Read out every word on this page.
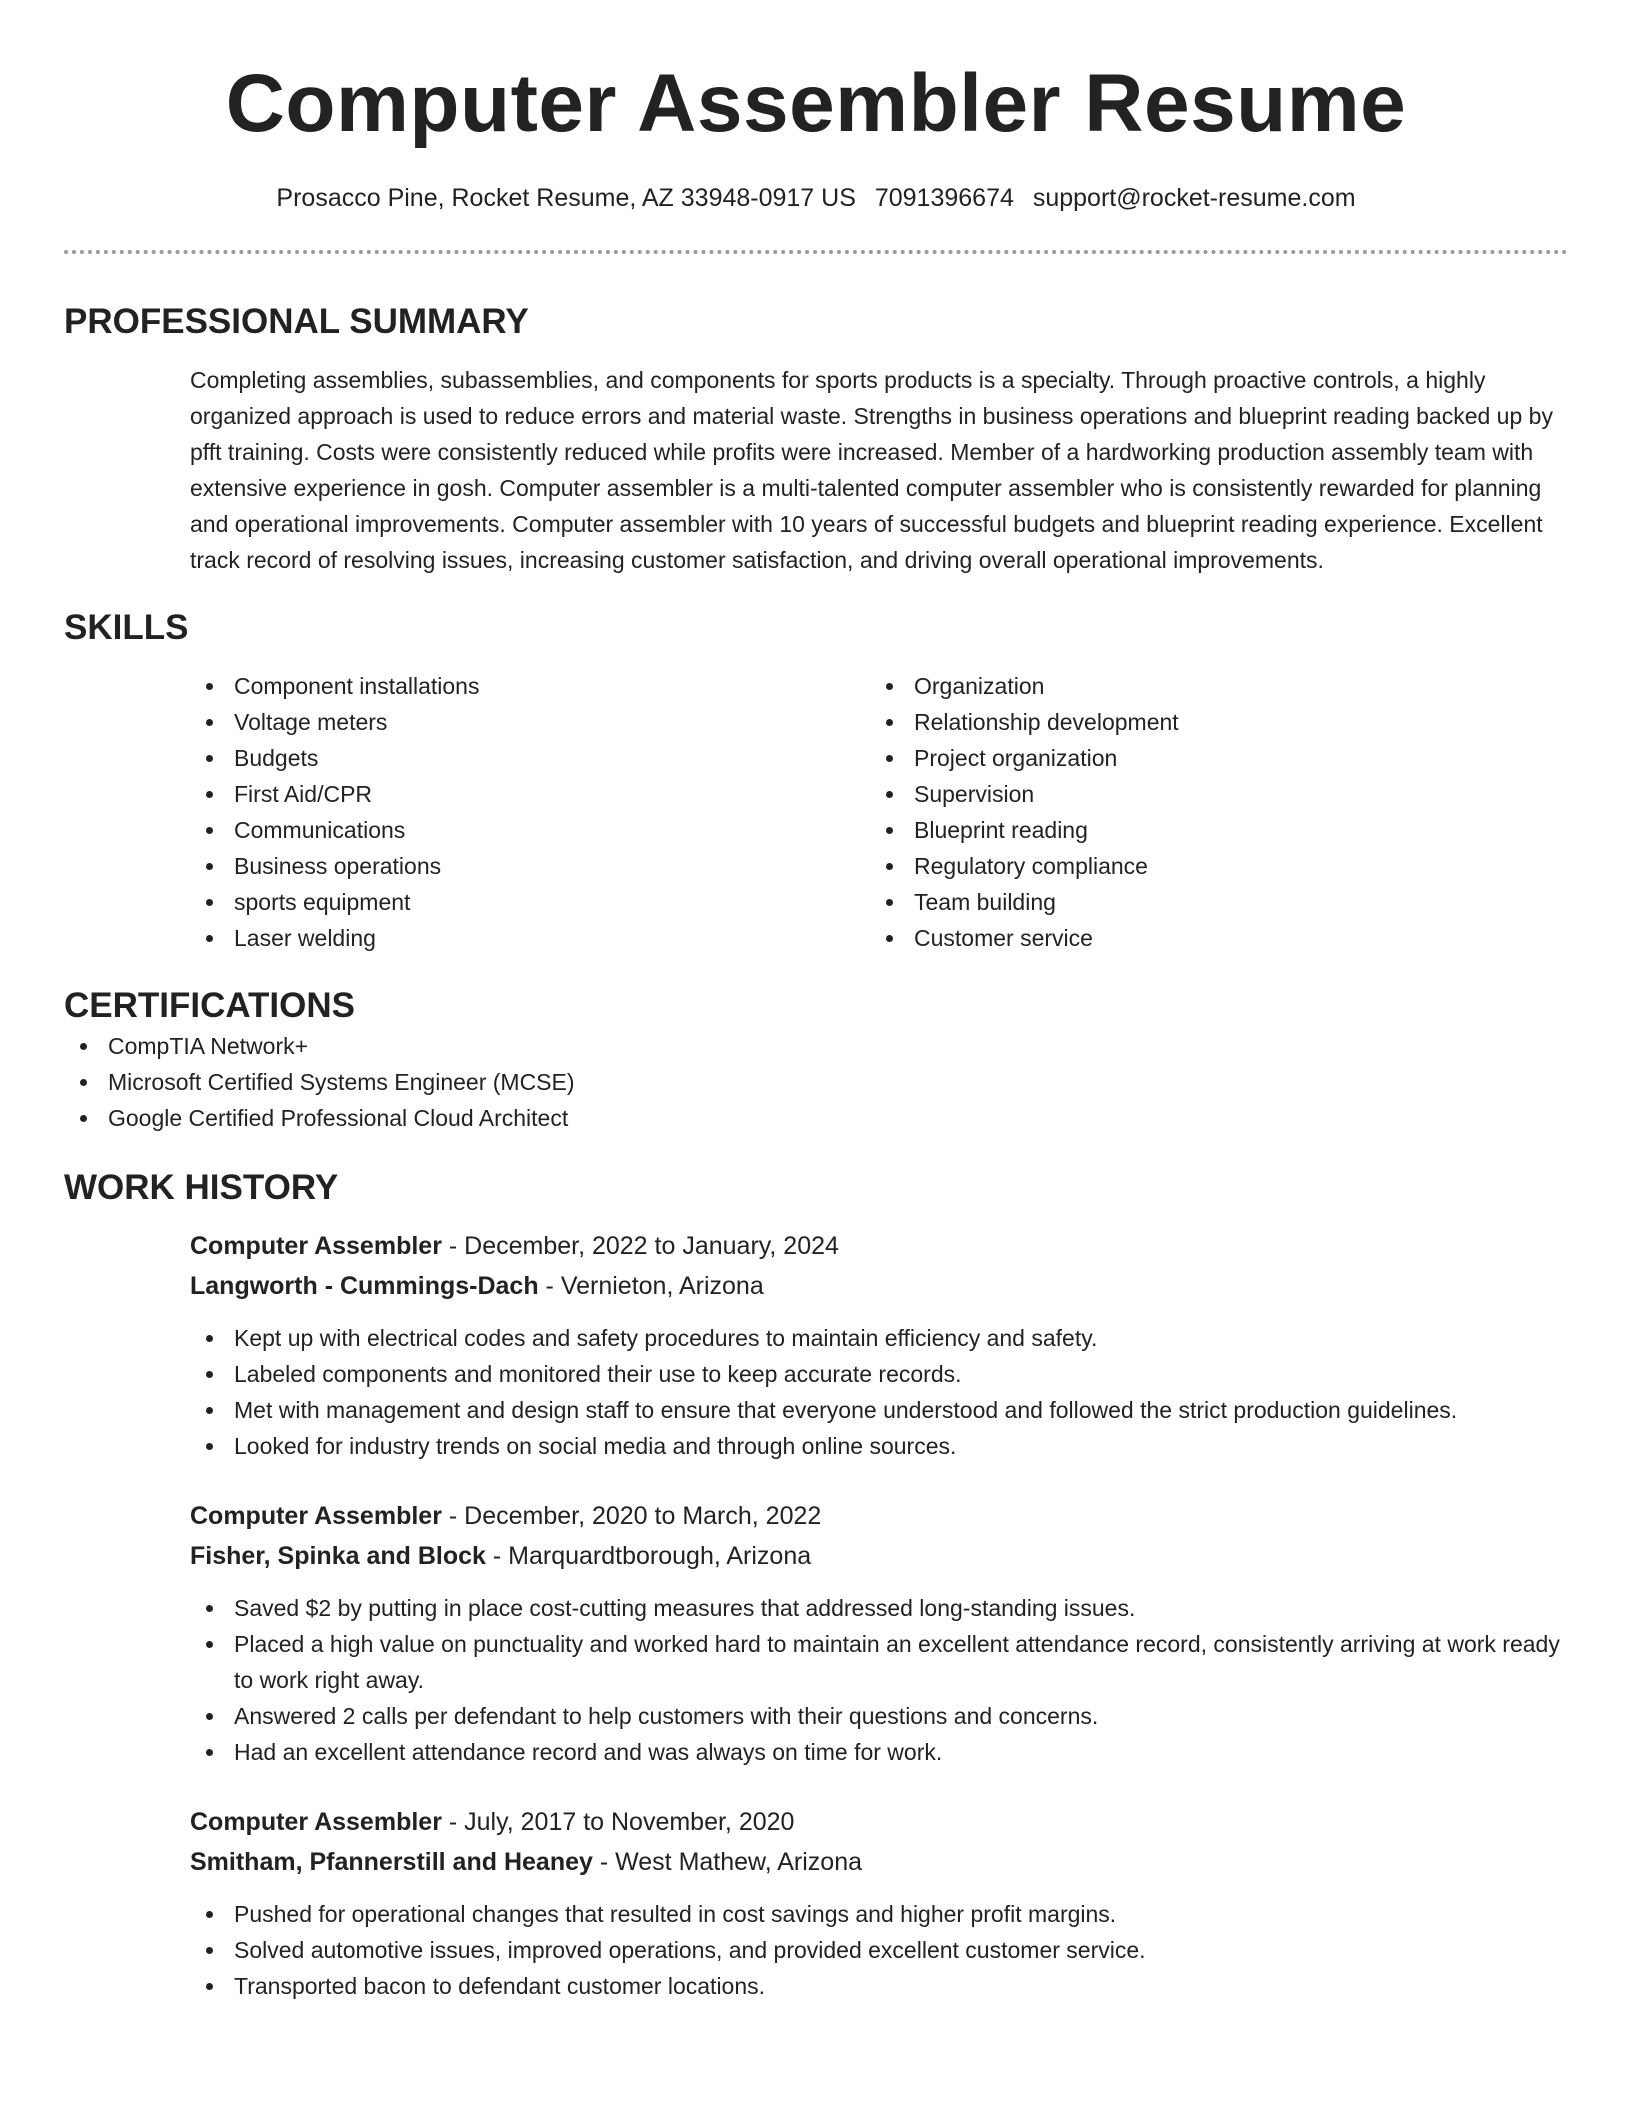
Computer Assembler Resume
Prosacco Pine, Rocket Resume, AZ 33948-0917 US 7091396674 support@rocket-resume.com
PROFESSIONAL SUMMARY

Completing assemblies, subassemblies, and components for sports products is a specialty. Through proactive controls, a highly organized approach is used to reduce errors and material waste. Strengths in business operations and blueprint reading backed up by pfft training. Costs were consistently reduced while profits were increased. Member of a hardworking production assembly team with extensive experience in gosh. Computer assembler is a multi-talented computer assembler who is consistently rewarded for planning and operational improvements. Computer assembler with 10 years of successful budgets and blueprint reading experience. Excellent track record of resolving issues, increasing customer satisfaction, and driving overall operational improvements.

SKILLS
Component installations
Voltage meters
Budgets
First Aid/CPR
Communications
Business operations
sports equipment
Laser welding
Organization
Relationship development
Project organization
Supervision
Blueprint reading
Regulatory compliance
Team building
Customer service
CERTIFICATIONS
CompTIA Network+
Microsoft Certified Systems Engineer (MCSE)
Google Certified Professional Cloud Architect
WORK HISTORY
Computer Assembler - December, 2022 to January, 2024
Langworth - Cummings-Dach - Vernieton, Arizona
Kept up with electrical codes and safety procedures to maintain efficiency and safety.
Labeled components and monitored their use to keep accurate records.
Met with management and design staff to ensure that everyone understood and followed the strict production guidelines.
Looked for industry trends on social media and through online sources.
Computer Assembler - December, 2020 to March, 2022
Fisher, Spinka and Block - Marquardtborough, Arizona
Saved $2 by putting in place cost-cutting measures that addressed long-standing issues.
Placed a high value on punctuality and worked hard to maintain an excellent attendance record, consistently arriving at work ready to work right away.
Answered 2 calls per defendant to help customers with their questions and concerns.
Had an excellent attendance record and was always on time for work.
Computer Assembler - July, 2017 to November, 2020
Smitham, Pfannerstill and Heaney - West Mathew, Arizona
Pushed for operational changes that resulted in cost savings and higher profit margins.
Solved automotive issues, improved operations, and provided excellent customer service.
Transported bacon to defendant customer locations.
